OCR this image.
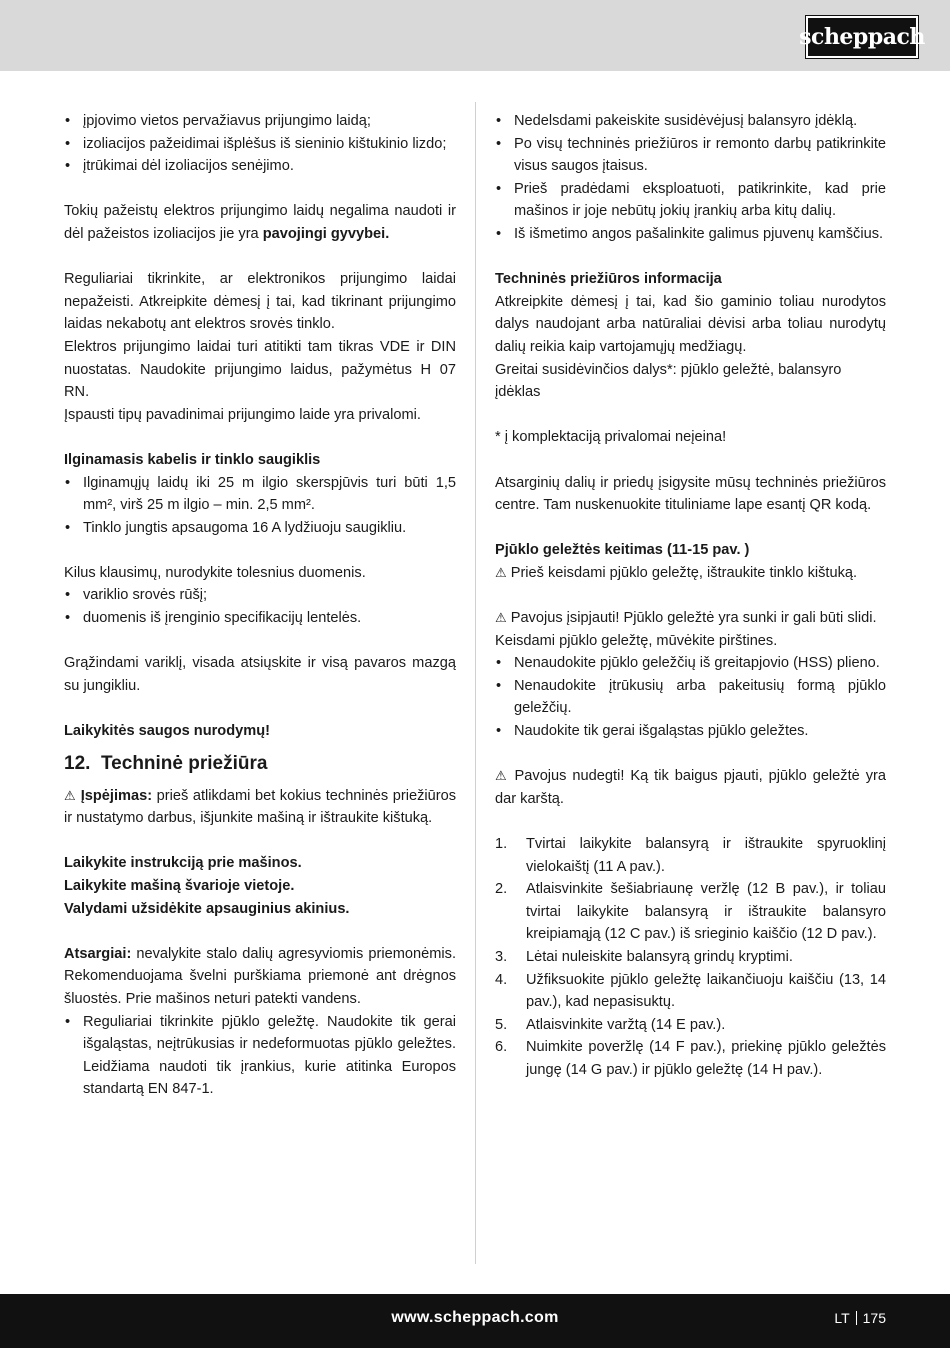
scheppach
• įpjovimo vietos pervažiavus prijungimo laidą;
• izoliacijos pažeidimai išplėšus iš sieninio kištukinio lizdo;
• įtrūkimai dėl izoliacijos senėjimo.

Tokių pažeistų elektros prijungimo laidų negalima naudoti ir dėl pažeistos izoliacijos jie yra pavojingi gyvybei.

Reguliariai tikrinkite, ar elektronikos prijungimo laidai nepažeisti. Atkreipkite dėmesį į tai, kad tikrinant prijungimo laidas nekabotų ant elektros srovės tinklo.

Elektros prijungimo laidai turi atitikti tam tikras VDE ir DIN nuostatas. Naudokite prijungimo laidus, pažymėtus H 07 RN.

Įspausti tipų pavadinimai prijungimo laide yra privalomi.

Ilginamasis kabelis ir tinklo saugiklis

• Ilginamųjų laidų iki 25 m ilgio skerspjūvis turi būti 1,5 mm², virš 25 m ilgio – min. 2,5 mm².
• Tinklo jungtis apsaugoma 16 A lydžiuoju saugikliu.

Kilus klausimų, nurodykite tolesnius duomenis.

• variklio srovės rūšį;
• duomenis iš įrenginio specifikacijų lentelės.

Grąžindami variklį, visada atsiųskite ir visą pavaros mazgą su jungikliu.

Laikykitės saugos nurodymų!

12. Techninė priežiūra

⚠ Įspėjimas: prieš atlikdami bet kokius techninės priežiūros ir nustatymo darbus, išjunkite mašiną ir ištraukite kištuką.

Laikykite instrukciją prie mašinos.

Laikykite mašiną švarioje vietoje.

Valydami užsidėkite apsauginius akinius.

Atsargiai: nevalykite stalo dalių agresyviomis priemonėmis. Rekomenduojama švelni purškiama priemonė ant drėgnos šluostės. Prie mašinos neturi patekti vandens.

• Reguliariai tikrinkite pjūklo geležtę. Naudokite tik gerai išgaląstas, neįtrūkusias ir nedeformuotas pjūklo geležtes. Leidžiama naudoti tik įrankius, kurie atitinka Europos standartą EN 847-1.
• Nedelsdami pakeiskite susidėvėjusį balansyro įdėklą.
• Po visų techninės priežiūros ir remonto darbų patikrinkite visus saugos įtaisus.
• Prieš pradėdami eksploatuoti, patikrinkite, kad prie mašinos ir joje nebūtų jokių įrankių arba kitų dalių.
• Iš išmetimo angos pašalinkite galimus pjuvenų kamščius.

Techninės priežiūros informacija

Atkreipkite dėmesį į tai, kad šio gaminio toliau nurodytos dalys naudojant arba natūraliai dėvisi arba toliau nurodytų dalių reikia kaip vartojamųjų medžiagų.

Greitai susidėvinčios dalys*: pjūklo geležtė, balansyro įdėklas

* į komplektaciją privalomai neįeina!

Atsarginių dalių ir priedų įsigysite mūsų techninės priežiūros centre. Tam nuskenuokite tituliniame lape esantį QR kodą.

Pjūklo geležtės keitimas (11-15 pav. )

⚠ Prieš keisdami pjūklo geležtę, ištraukite tinklo kištuką.

⚠ Pavojus įsipjauti! Pjūklo geležtė yra sunki ir gali būti slidi.

Keisdami pjūklo geležtę, mūvėkite pirštines.

• Nenaudokite pjūklo geležčių iš greitapjovio (HSS) plieno.
• Nenaudokite įtrūkusių arba pakeitusių formą pjūklo geležčių.
• Naudokite tik gerai išgaląstas pjūklo geležtes.

⚠ Pavojus nudegti! Ką tik baigus pjauti, pjūklo geležtė yra dar karštą.

1. Tvirtai laikykite balansyrą ir ištraukite spyruoklinį vielokaištį (11 A pav.).
2. Atlaisvinkite šešiabriaunę veržlę (12 B pav.), ir toliau tvirtai laikykite balansyrą ir ištraukite balansyro kreipiamąją (12 C pav.) iš srieginio kaiščio (12 D pav.).
3. Lėtai nuleiskite balansyrą grindų kryptimi.
4. Užfiksuokite pjūklo geležtę laikančiuoju kaiščiu (13, 14 pav.), kad nepasisuktų.
5. Atlaisvinkite varžtą (14 E pav.).
6. Nuimkite poveržlę (14 F pav.), priekinę pjūklo geležtės jungę (14 G pav.) ir pjūklo geležtę (14 H pav.).
www.scheppach.com	LT 175
